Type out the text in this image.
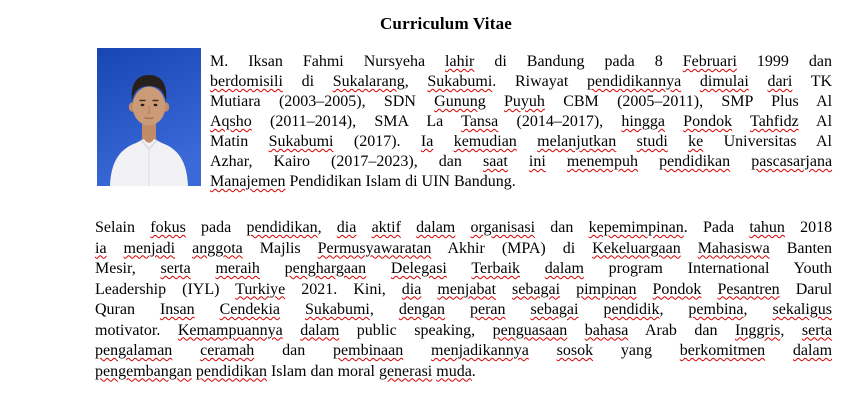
Curriculum Vitae
M. Iksan Fahmi Nursyeha lahir di Bandung pada 8 Februari 1999 dan
berdomisili di Sukalarang, Sukabumi. Riwayat pendidikannya dimulai dari TK
Mutiara (2003–2005), SDN Gunung Puyuh CBM (2005–2011), SMP Plus Al
Aqsho (2011–2014), SMA La Tansa (2014–2017), hingga Pondok Tahfidz Al
Matin Sukabumi (2017). Ia kemudian melanjutkan studi ke Universitas Al
Azhar, Kairo (2017–2023), dan saat ini menempuh pendidikan pascasarjana
Manajemen Pendidikan Islam di UIN Bandung.
Selain fokus pada pendidikan, dia aktif dalam organisasi dan kepemimpinan. Pada tahun 2018
ia menjadi anggota Majlis Permusyawaratan Akhir (MPA) di Kekeluargaan Mahasiswa Banten
Mesir, serta meraih penghargaan Delegasi Terbaik dalam program International Youth
Leadership (IYL) Turkiye 2021. Kini, dia menjabat sebagai pimpinan Pondok Pesantren Darul
Quran Insan Cendekia Sukabumi, dengan peran sebagai pendidik, pembina, sekaligus
motivator. Kemampuannya dalam public speaking, penguasaan bahasa Arab dan Inggris, serta
pengalaman ceramah dan pembinaan menjadikannya sosok yang berkomitmen dalam
pengembangan pendidikan Islam dan moral generasi muda.
